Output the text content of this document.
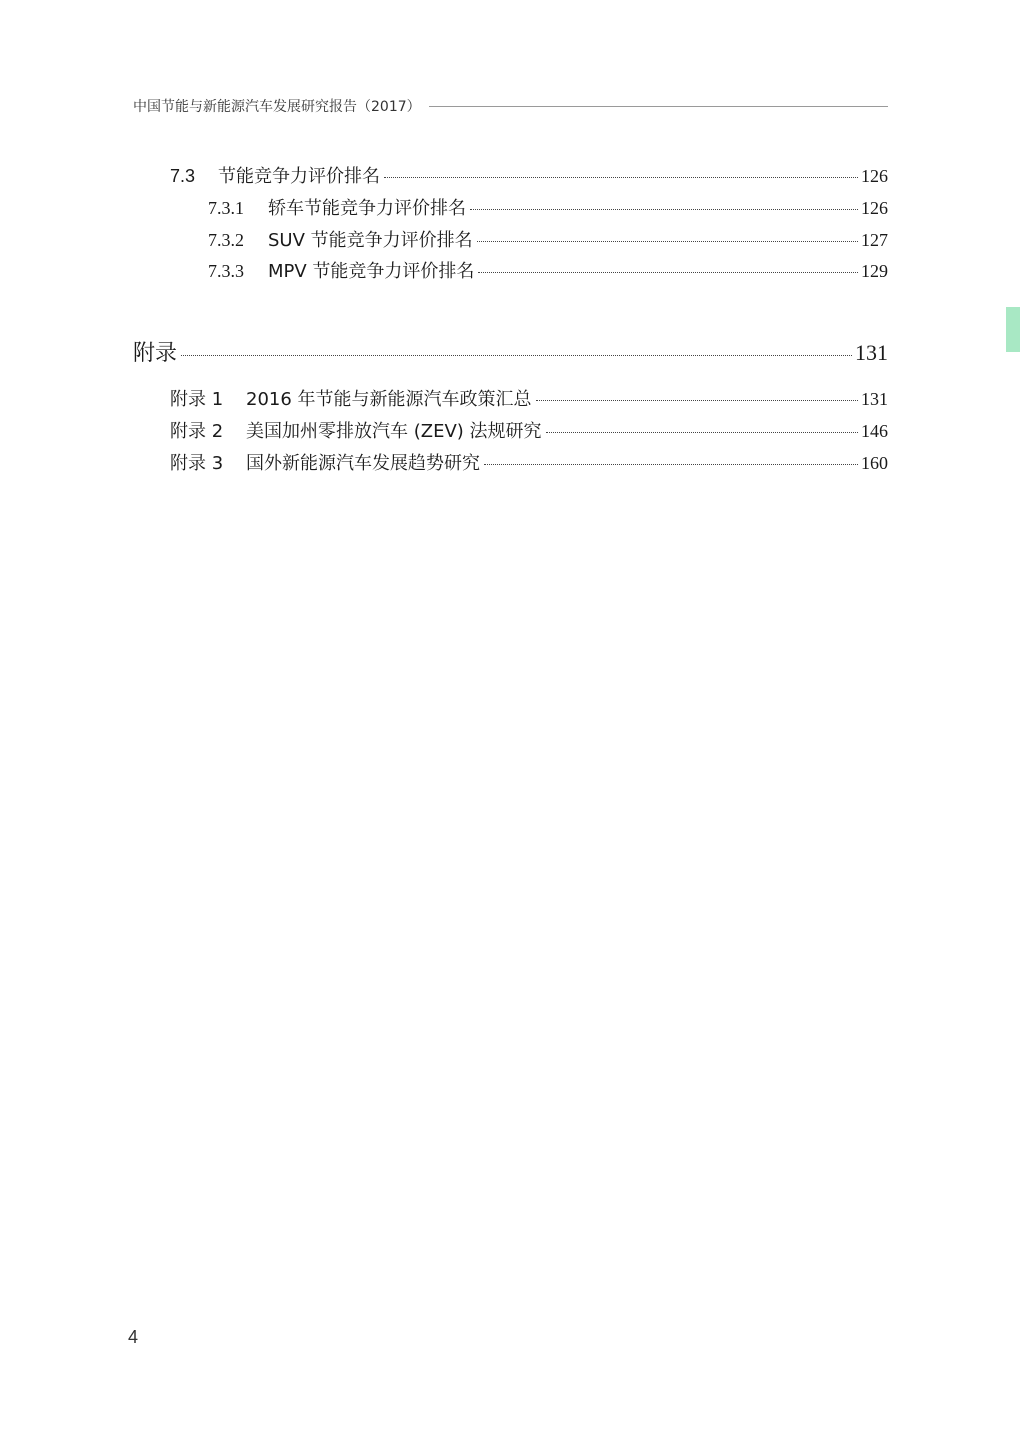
中国节能与新能源汽车发展研究报告（2017）
7.3	节能竞争力评价排名	126
7.3.1	轿车节能竞争力评价排名	126
7.3.2	SUV 节能竞争力评价排名	127
7.3.3	MPV 节能竞争力评价排名	129
附录	131
附录 1	2016 年节能与新能源汽车政策汇总	131
附录 2	美国加州零排放汽车 (ZEV) 法规研究	146
附录 3	国外新能源汽车发展趋势研究	160
4
